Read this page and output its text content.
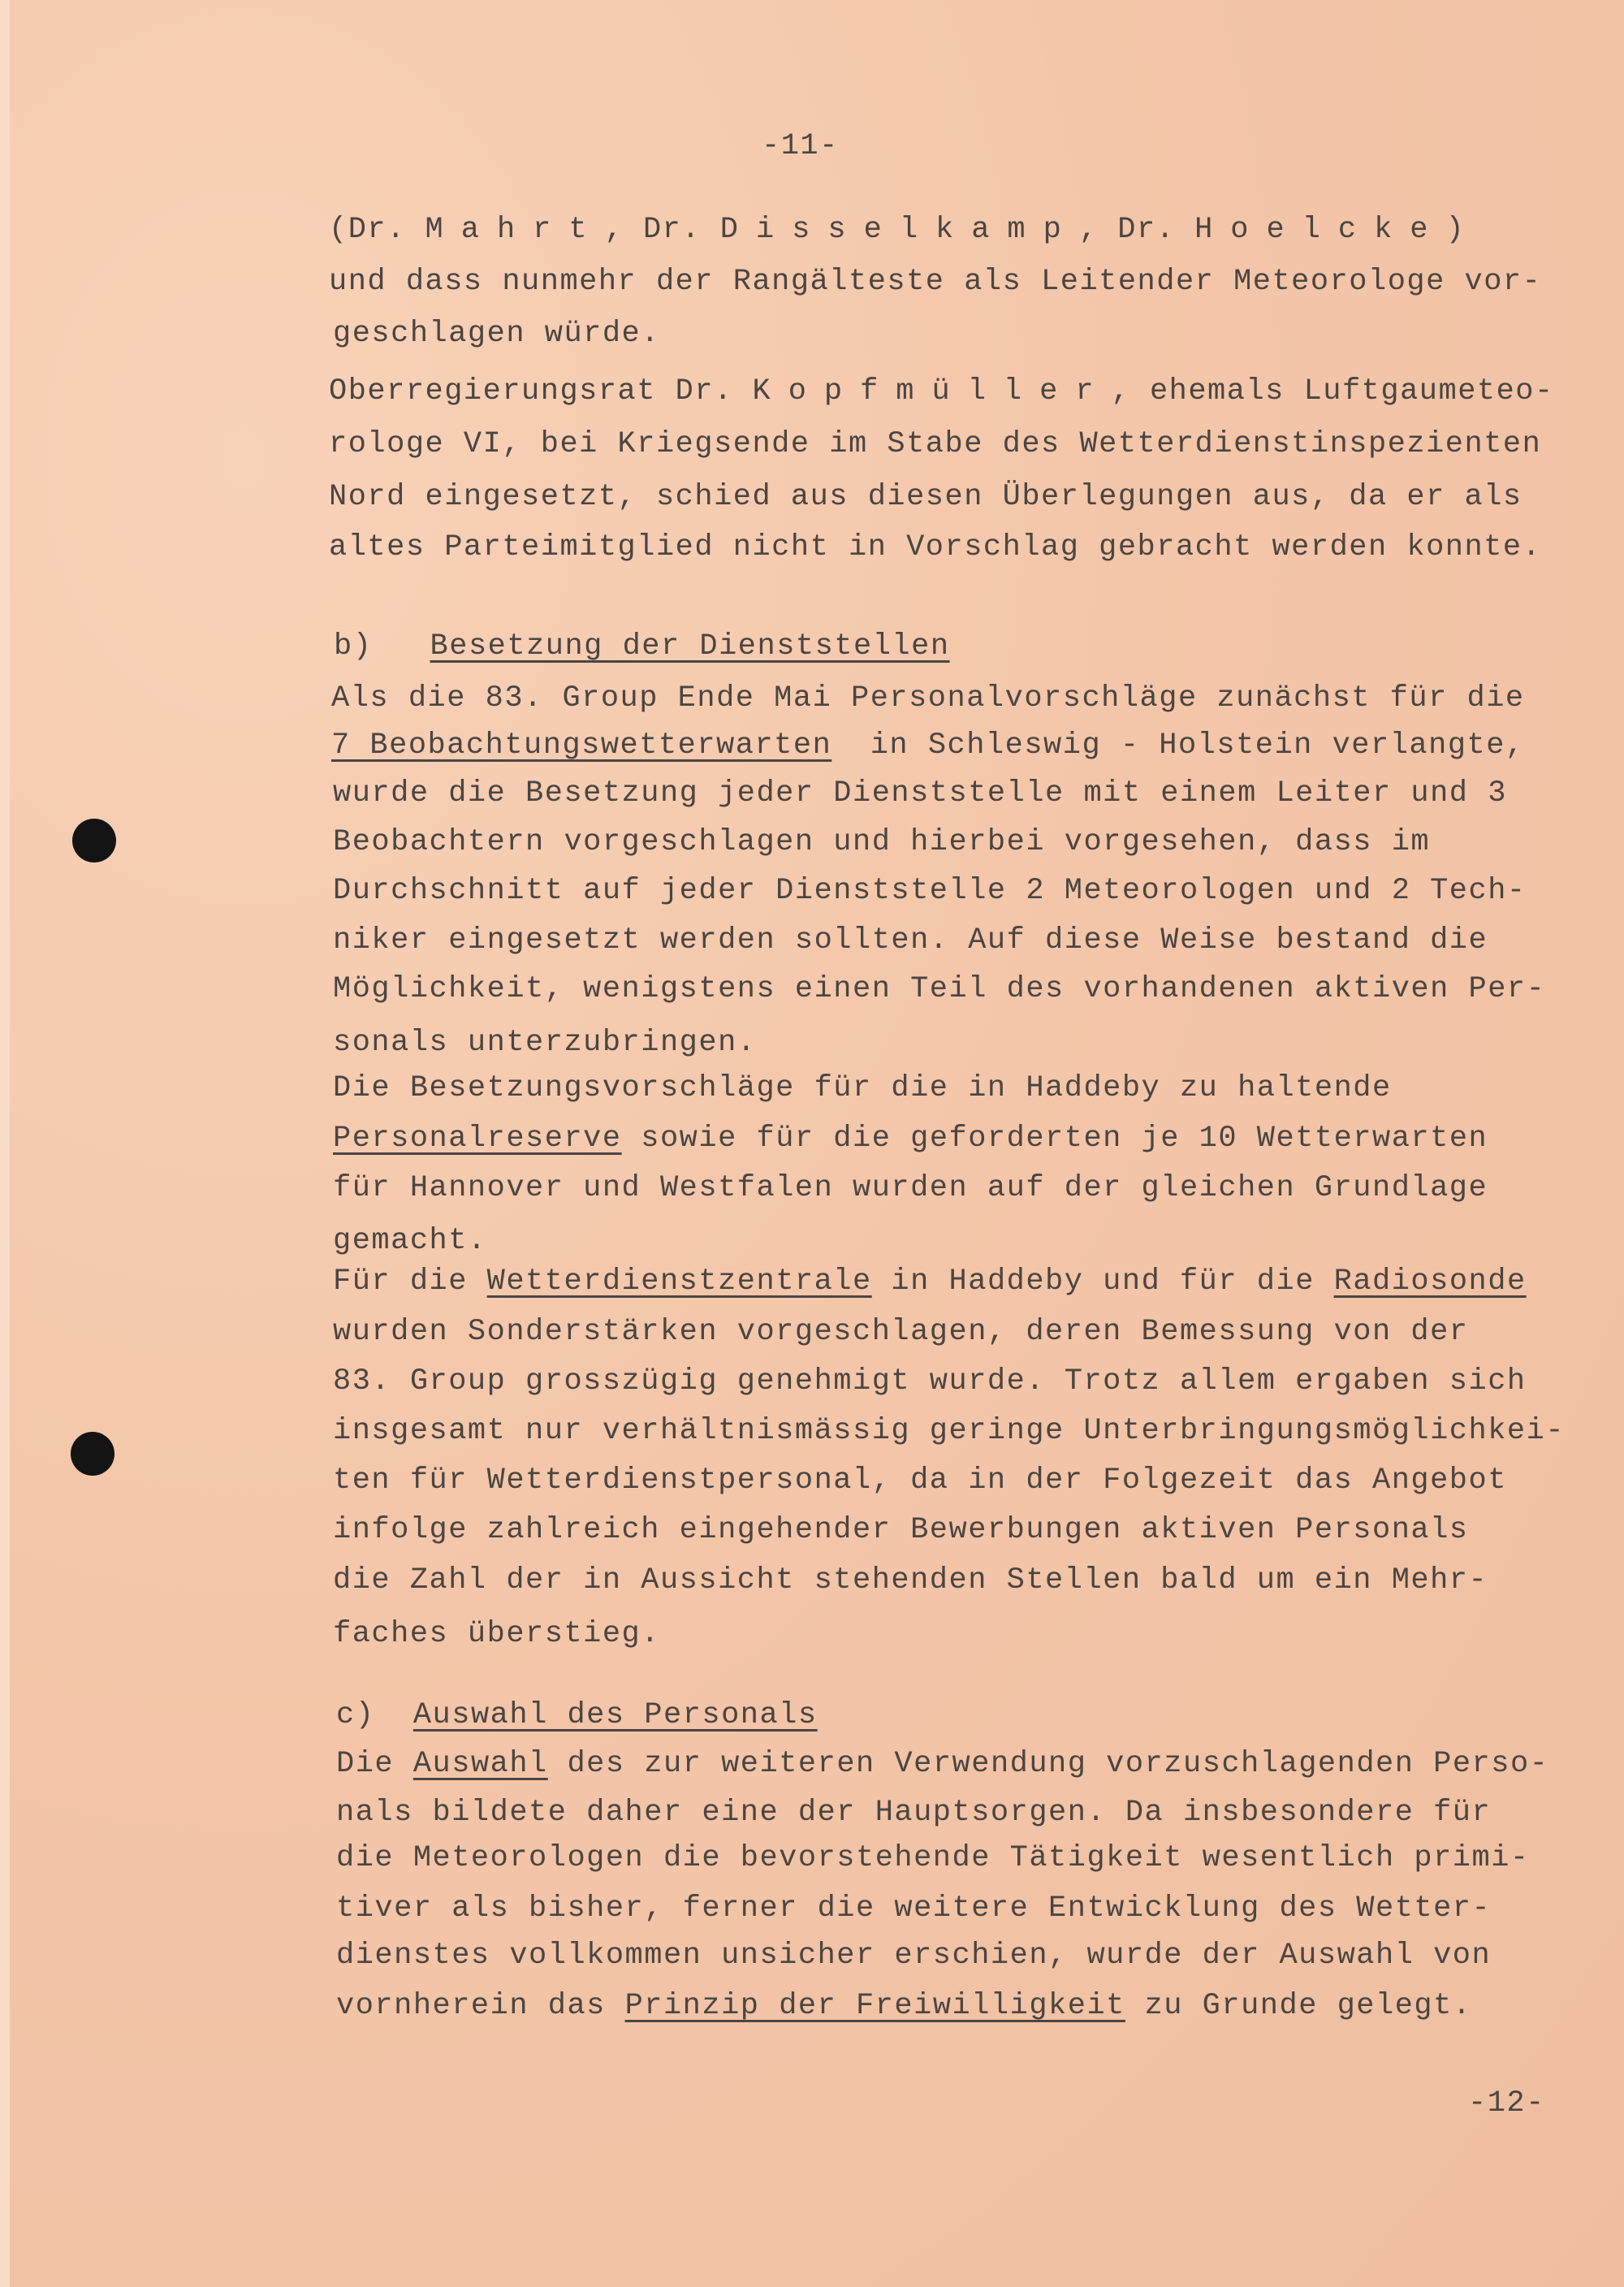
-11-
(Dr. Mahrt, Dr. Disselkamp, Dr. Hoelcke)
und dass nunmehr der Rangälteste als Leitender Meteorologe vor-
geschlagen würde.
Oberregierungsrat Dr. Kopfmüller, ehemals Luftgaumeteo-
rologe VI, bei Kriegsende im Stabe des Wetterdienstinspezienten
Nord eingesetzt, schied aus diesen Überlegungen aus, da er als
altes Parteimitglied nicht in Vorschlag gebracht werden konnte.
b) Besetzung der Dienststellen
Als die 83. Group Ende Mai Personalvorschläge zunächst für die
7 Beobachtungswetterwarten  in Schleswig - Holstein verlangte,
wurde die Besetzung jeder Dienststelle mit einem Leiter und 3
Beobachtern vorgeschlagen und hierbei vorgesehen, dass im
Durchschnitt auf jeder Dienststelle 2 Meteorologen und 2 Tech-
niker eingesetzt werden sollten. Auf diese Weise bestand die
Möglichkeit, wenigstens einen Teil des vorhandenen aktiven Per-
sonals unterzubringen.
Die Besetzungsvorschläge für die in Haddeby zu haltende
Personalreserve sowie für die geforderten je 10 Wetterwarten
für Hannover und Westfalen wurden auf der gleichen Grundlage
gemacht.
Für die Wetterdienstzentrale in Haddeby und für die Radiosonde
wurden Sonderstärken vorgeschlagen, deren Bemessung von der
83. Group grosszügig genehmigt wurde. Trotz allem ergaben sich
insgesamt nur verhältnismässig geringe Unterbringungsmöglichkei-
ten für Wetterdienstpersonal, da in der Folgezeit das Angebot
infolge zahlreich eingehender Bewerbungen aktiven Personals
die Zahl der in Aussicht stehenden Stellen bald um ein Mehr-
faches überstieg.
c) Auswahl des Personals
Die Auswahl des zur weiteren Verwendung vorzuschlagenden Perso-
nals bildete daher eine der Hauptsorgen. Da insbesondere für
die Meteorologen die bevorstehende Tätigkeit wesentlich primi-
tiver als bisher, ferner die weitere Entwicklung des Wetter-
dienstes vollkommen unsicher erschien, wurde der Auswahl von
vornherein das Prinzip der Freiwilligkeit zu Grunde gelegt.
-12-
